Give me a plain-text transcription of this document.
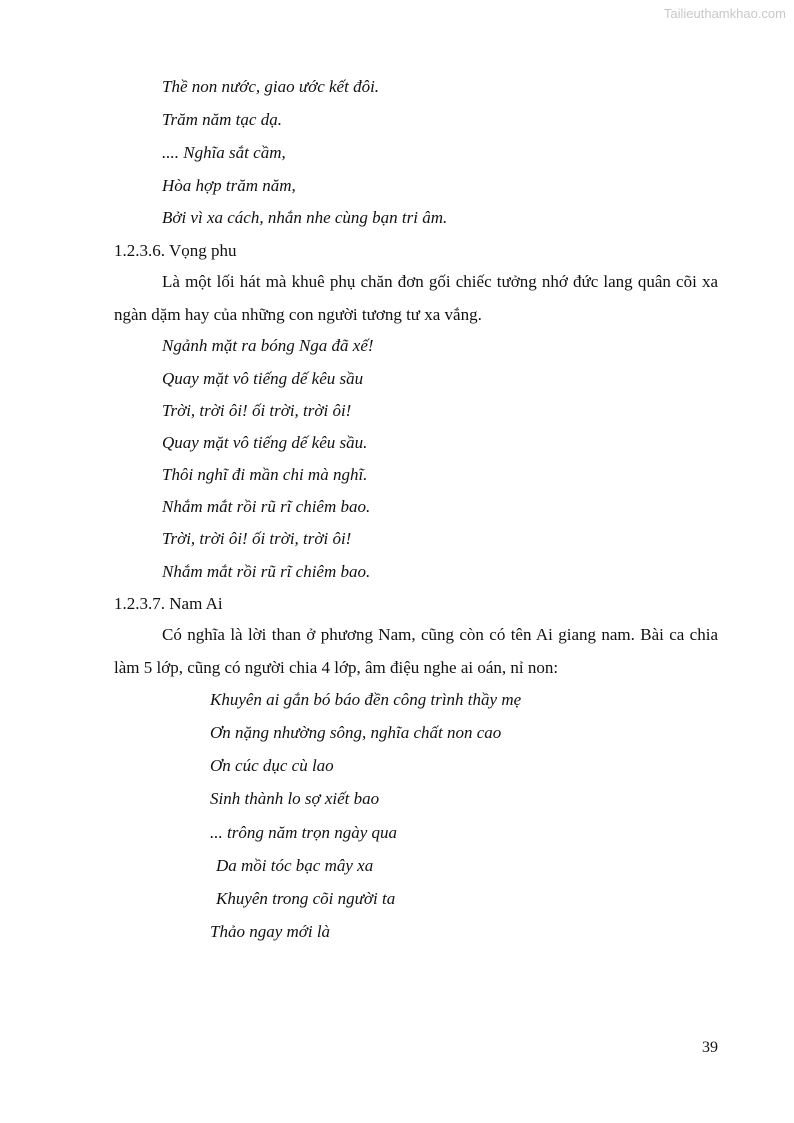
Tailieuthamkhao.com
Thề non nước, giao ước kết đôi.
Trăm năm tạc dạ.
.... Nghĩa sắt cầm,
Hòa hợp trăm năm,
Bởi vì xa cách, nhắn nhe cùng bạn tri âm.
1.2.3.6. Vọng phu
Là một lối hát mà khuê phụ chăn đơn gối chiếc tưởng nhớ đức lang quân cõi xa ngàn dặm hay của những con người tương tư xa vắng.
Ngảnh mặt ra bóng Nga đã xế!
Quay mặt vô tiếng dế kêu sầu
Trời, trời ôi! ối trời, trời ôi!
Quay mặt vô tiếng dế kêu sầu.
Thôi nghĩ đi mần chi mà nghĩ.
Nhắm mắt rồi rũ rĩ chiêm bao.
Trời, trời ôi! ối trời, trời ôi!
Nhắm mắt rồi rũ rĩ chiêm bao.
1.2.3.7. Nam Ai
Có nghĩa là lời than ở phương Nam, cũng còn có tên Ai giang nam. Bài ca chia làm 5 lớp, cũng có người chia 4 lớp, âm điệu nghe ai oán, nỉ non:
Khuyên ai gắn bó báo đền công trình thầy mẹ
Ơn nặng nhường sông, nghĩa chất non cao
Ơn cúc dục cù lao
Sinh thành lo sợ xiết bao
... trông năm trọn ngày qua
Da mồi tóc bạc mây xa
Khuyên trong cõi người ta
Thảo ngay mới là
39
